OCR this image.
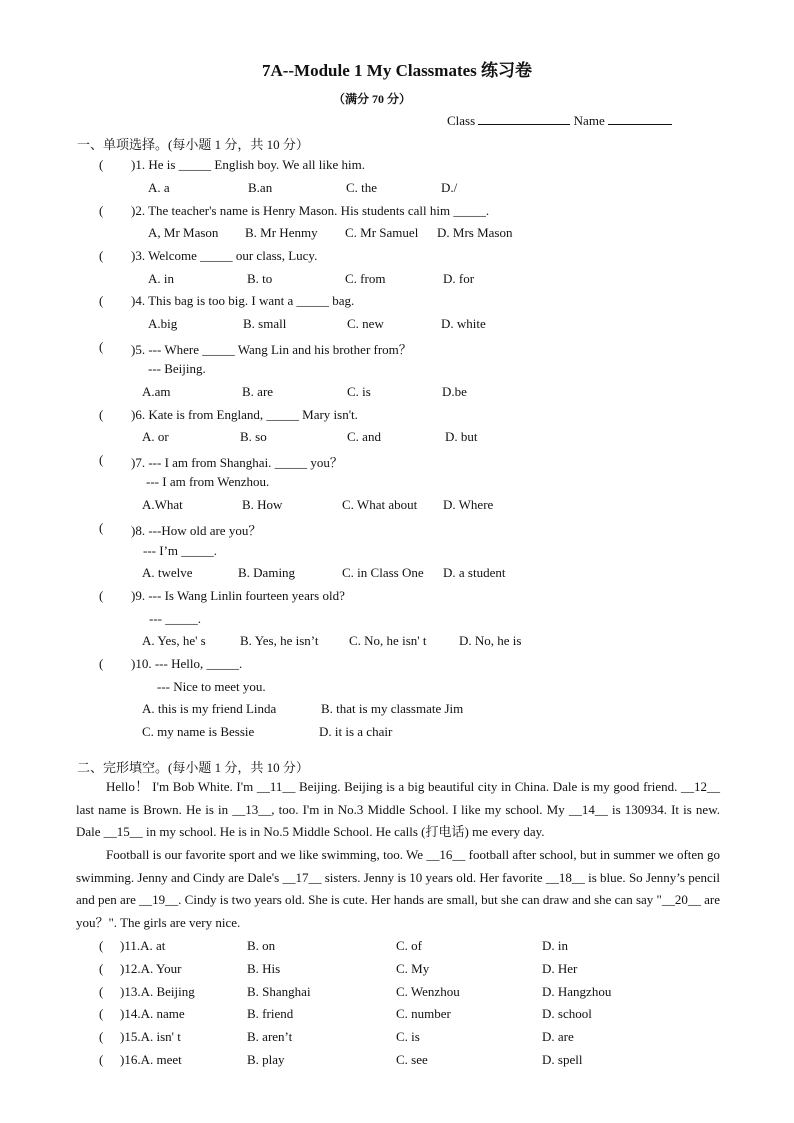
7A--Module 1 My Classmates 练习卷
（满分 70 分）
Class	Name
一、单项选择。(每小题 1 分，共 10 分）
( )1. He is _____ English boy. We all like him.
A. a	B.an	C. the	D./
( )2. The teacher's name is Henry Mason. His students call him _____.
A, Mr Mason B. Mr Henmy C. Mr Samuel D. Mrs Mason
( )3. Welcome _____ our class, Lucy.
A. in	B. to	C. from	D. for
( )4. This bag is too big. I want a _____ bag.
A.big	B. small	C. new	D. white
( )5. --- Where _____ Wang Lin and his brother from？
--- Beijing.
A.am	B. are	C. is	D.be
( )6. Kate is from England, _____ Mary isn't.
A. or	B. so	C. and	D. but
( )7. --- I am from Shanghai. _____ you？
--- I am from Wenzhou.
A.What	B. How	C. What about D. Where
( )8. ---How old are you？
--- I’m _____.
A. twelve	B. Daming	C. in Class One D. a student
( )9. --- Is Wang Linlin fourteen years old?
--- _____.
A. Yes, he' s	B. Yes, he isn’t C. No, he isn' t	D. No, he is
( )10. --- Hello, _____.
--- Nice to meet you.
A. this is my friend Linda	B. that is my classmate Jim
C. my name is Bessie	D. it is a chair
二、完形填空。(每小题 1 分，共 10 分）
Hello！ I'm Bob White. I'm __11__ Beijing. Beijing is a big beautiful city in China. Dale is my good friend. __12__ last name is Brown. He is in __13__, too. I'm in No.3 Middle School. I like my school. My __14__ is 130934. It is new. Dale __15__ in my school. He is in No.5 Middle School. He calls (打电话) me every day.
Football is our favorite sport and we like swimming, too. We __16__ football after school, but in summer we often go swimming. Jenny and Cindy are Dale's __17__ sisters. Jenny is 10 years old. Her favorite __18__ is blue. So Jenny’s pencil and pen are __19__. Cindy is two years old. She is cute. Her hands are small, but she can draw and she can say "__20__ are you？". The girls are very nice.
( )11.A. at	B. on	C. of	D. in
( )12.A. Your	B. His	C. My	D. Her
( )13.A. Beijing	B. Shanghai	C. Wenzhou	D. Hangzhou
( )14.A. name	B. friend	C. number	D. school
( )15.A. isn' t	B. aren’t	C. is	D. are
( )16.A. meet	B. play	C. see	D. spell
